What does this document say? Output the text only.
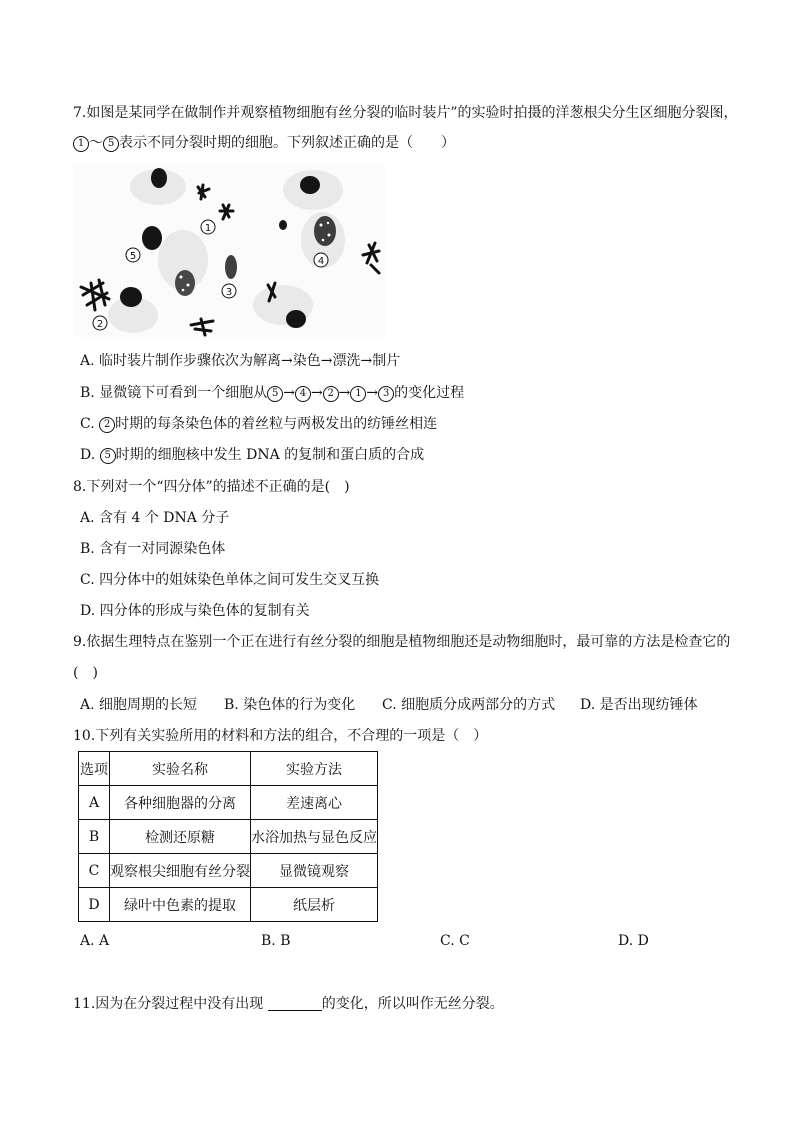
7.如图是某同学在做制作并观察植物细胞有丝分裂的临时装片”的实验时拍摄的洋葱根尖分生区细胞分裂图，
1 ～ 5 表示不同分裂时期的细胞。下列叙述正确的是（　　）
1
2
3
4
5
A. 临时装片制作步骤依次为解离→染色→漂洗→制片
B. 显微镜下可看到一个细胞从 5 → 4 → 2 → 1 → 3 的变化过程
C. 2 时期的每条染色体的着丝粒与两极发出的纺锤丝相连
D. 5 时期的细胞核中发生 DNA 的复制和蛋白质的合成
8.下列对一个“四分体”的描述不正确的是(　)
A. 含有 4 个 DNA 分子
B. 含有一对同源染色体
C. 四分体中的姐妹染色单体之间可发生交叉互换
D. 四分体的形成与染色体的复制有关
9.依据生理特点在鉴别一个正在进行有丝分裂的细胞是植物细胞还是动物细胞时，最可靠的方法是检查它的
(　)
A. 细胞周期的长短 B. 染色体的行为变化 C. 细胞质分成两部分的方式 D. 是否出现纺锤体
10.下列有关实验所用的材料和方法的组合，不合理的一项是（　）
选项	实验名称	实验方法
A	各种细胞器的分离	差速离心
B	检测还原糖	水浴加热与显色反应
C	观察根尖细胞有丝分裂	显微镜观察
D	绿叶中色素的提取	纸层析
A. A	B. B	C. C	D. D
11.因为在分裂过程中没有出现	的变化，所以叫作无丝分裂。
